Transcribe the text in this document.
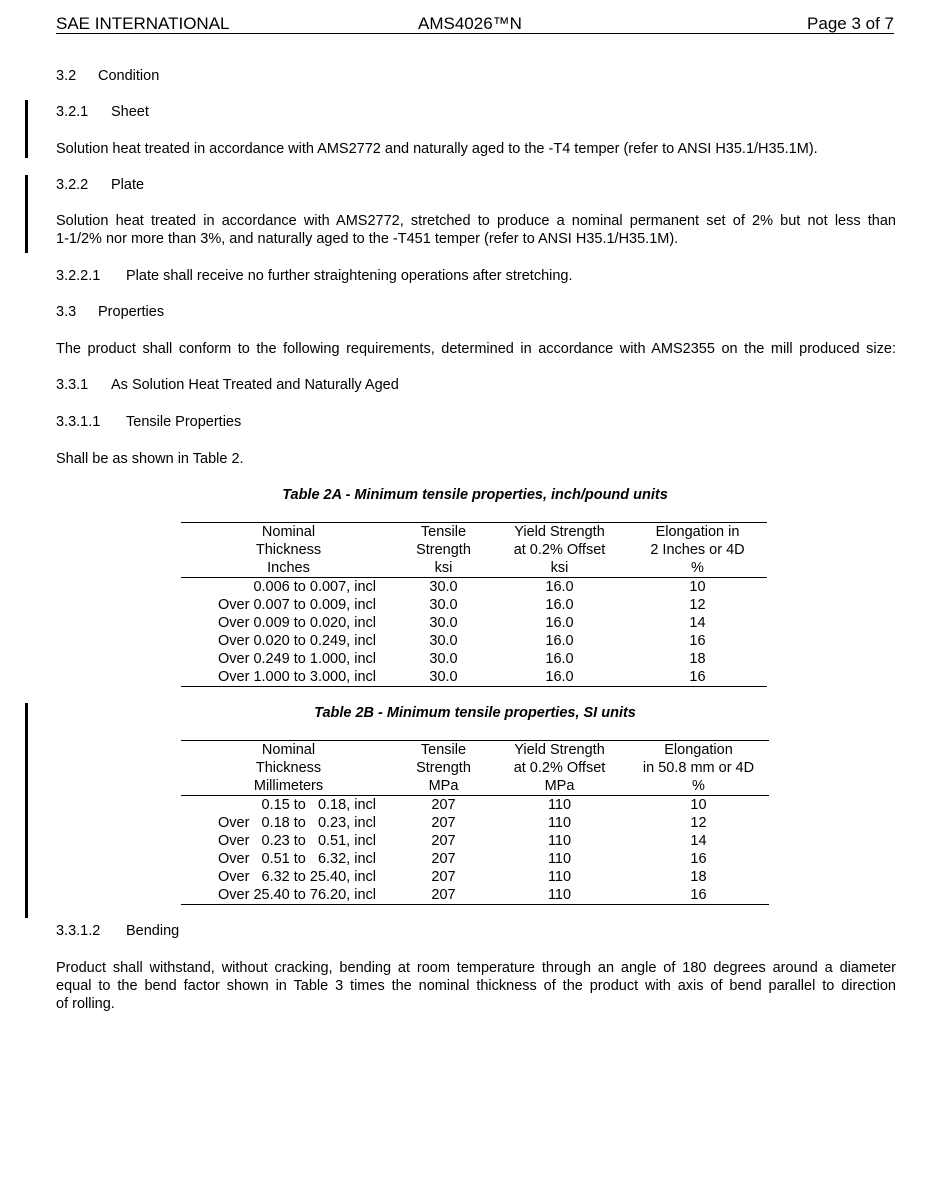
SAE INTERNATIONAL	AMS4026™N	Page 3 of 7
3.2 Condition
3.2.1 Sheet
Solution heat treated in accordance with AMS2772 and naturally aged to the -T4 temper (refer to ANSI H35.1/H35.1M).
3.2.2 Plate
Solution heat treated in accordance with AMS2772, stretched to produce a nominal permanent set of 2% but not less than
1-1/2% nor more than 3%, and naturally aged to the -T451 temper (refer to ANSI H35.1/H35.1M).
3.2.2.1 Plate shall receive no further straightening operations after stretching.
3.3 Properties
The product shall conform to the following requirements, determined in accordance with AMS2355 on the mill produced size:
3.3.1 As Solution Heat Treated and Naturally Aged
3.3.1.1 Tensile Properties
Shall be as shown in Table 2.
Table 2A - Minimum tensile properties, inch/pound units
Nominal	Tensile	Yield Strength	Elongation in
Thickness	Strength	at 0.2% Offset	2 Inches or 4D
Inches	ksi	ksi	%
0.006 to 0.007, incl	30.0	16.0	10
Over 0.007 to 0.009, incl	30.0	16.0	12
Over 0.009 to 0.020, incl	30.0	16.0	14
Over 0.020 to 0.249, incl	30.0	16.0	16
Over 0.249 to 1.000, incl	30.0	16.0	18
Over 1.000 to 3.000, incl	30.0	16.0	16
Table 2B - Minimum tensile properties, SI units
Nominal	Tensile	Yield Strength	Elongation
Thickness	Strength	at 0.2% Offset	in 50.8 mm or 4D
Millimeters	MPa	MPa	%
0.15 to   0.18, incl	207	110	10
Over   0.18 to   0.23, incl	207	110	12
Over   0.23 to   0.51, incl	207	110	14
Over   0.51 to   6.32, incl	207	110	16
Over   6.32 to 25.40, incl	207	110	18
Over 25.40 to 76.20, incl	207	110	16
3.3.1.2 Bending
Product shall withstand, without cracking, bending at room temperature through an angle of 180 degrees around a diameter
equal to the bend factor shown in Table 3 times the nominal thickness of the product with axis of bend parallel to direction
of rolling.
